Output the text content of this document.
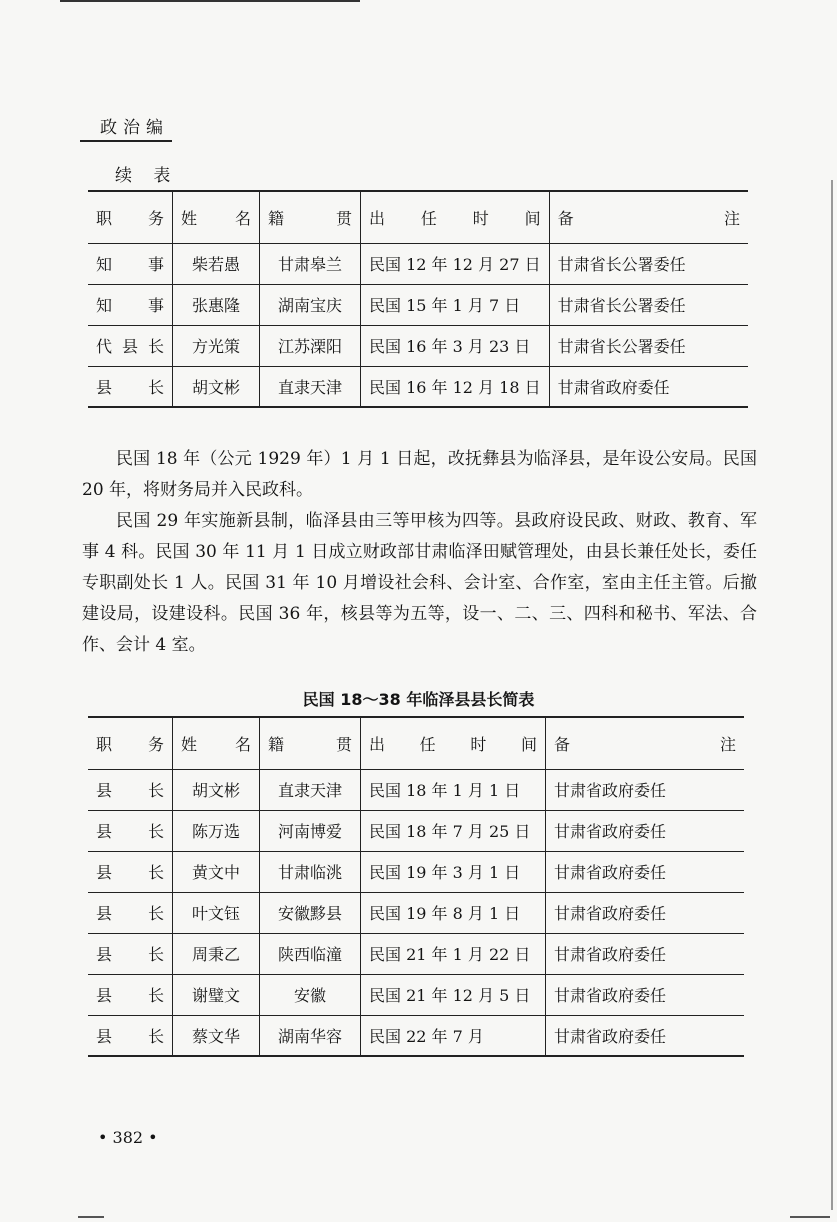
政治编
续 表
职务	姓名	籍贯	出任时间	备注
知事	柴若愚	甘肃皋兰	民国 12 年 12 月 27 日	甘肃省长公署委任
知事	张惠隆	湖南宝庆	民国 15 年 1 月 7 日	甘肃省长公署委任
代县长	方光策	江苏溧阳	民国 16 年 3 月 23 日	甘肃省长公署委任
县长	胡文彬	直隶天津	民国 16 年 12 月 18 日	甘肃省政府委任

民国 18 年（公元 1929 年）1 月 1 日起，改抚彝县为临泽县，是年设公安局。民国 20 年，将财务局并入民政科。

民国 29 年实施新县制，临泽县由三等甲核为四等。县政府设民政、财政、教育、军事 4 科。民国 30 年 11 月 1 日成立财政部甘肃临泽田赋管理处，由县长兼任处长，委任专职副处长 1 人。民国 31 年 10 月增设社会科、会计室、合作室，室由主任主管。后撤建设局，设建设科。民国 36 年，核县等为五等，设一、二、三、四科和秘书、军法、合作、会计 4 室。

民国 18～38 年临泽县县长简表
职务	姓名	籍贯	出任时间	备注
县长	胡文彬	直隶天津	民国 18 年 1 月 1 日	甘肃省政府委任
县长	陈万选	河南博爱	民国 18 年 7 月 25 日	甘肃省政府委任
县长	黄文中	甘肃临洮	民国 19 年 3 月 1 日	甘肃省政府委任
县长	叶文钰	安徽黟县	民国 19 年 8 月 1 日	甘肃省政府委任
县长	周秉乙	陕西临潼	民国 21 年 1 月 22 日	甘肃省政府委任
县长	谢璧文	安徽	民国 21 年 12 月 5 日	甘肃省政府委任
县长	蔡文华	湖南华容	民国 22 年 7 月	甘肃省政府委任
• 382 •
